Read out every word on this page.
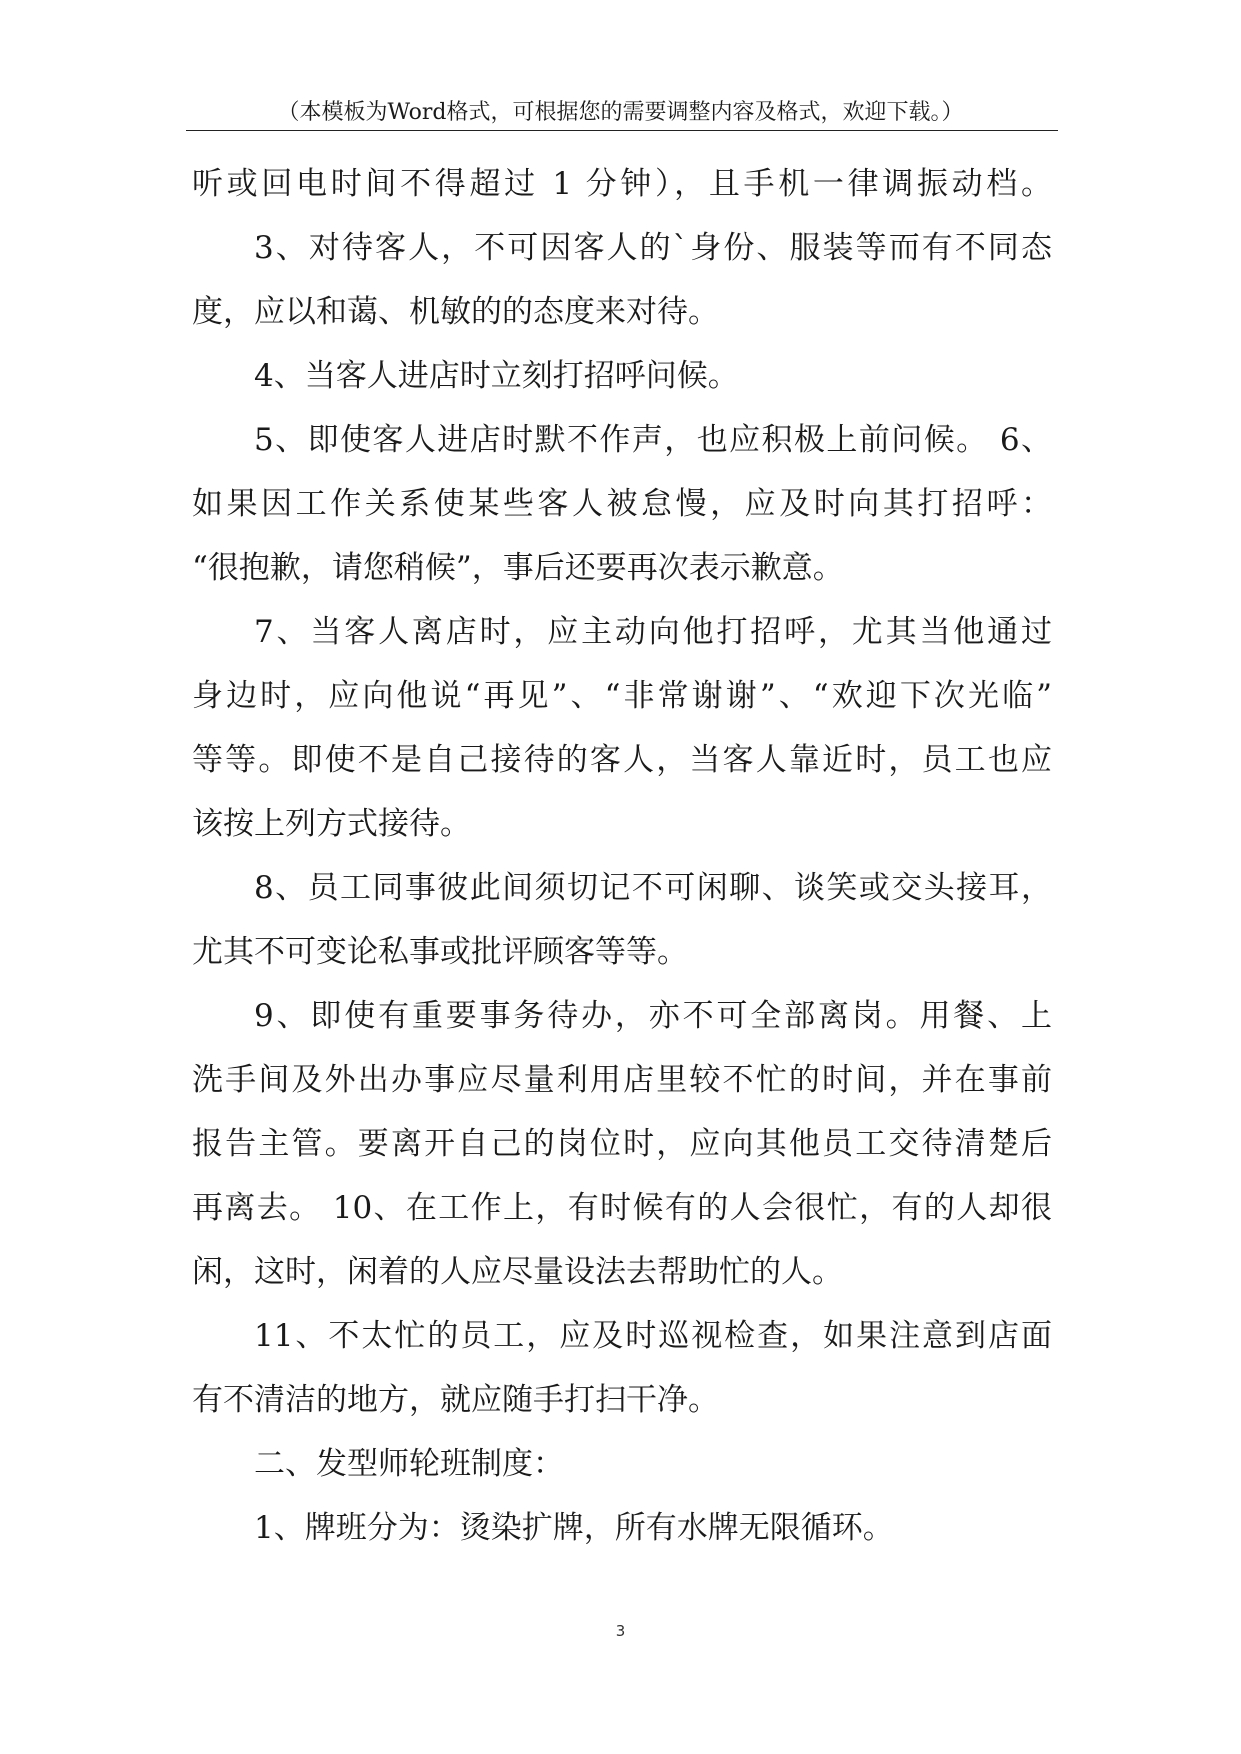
（本模板为Word格式，可根据您的需要调整内容及格式，欢迎下载。）
听或回电时间不得超过 1 分钟），且手机一律调振动档。
3、对待客人，不可因客人的`身份、服装等而有不同态
度，应以和蔼、机敏的的态度来对待。
4、当客人进店时立刻打招呼问候。
5、即使客人进店时默不作声，也应积极上前问候。 6、
如果因工作关系使某些客人被怠慢，应及时向其打招呼：
“很抱歉，请您稍候”，事后还要再次表示歉意。
7、当客人离店时，应主动向他打招呼，尤其当他通过
身边时，应向他说“再见”、“非常谢谢”、“欢迎下次光临”
等等。即使不是自己接待的客人，当客人靠近时，员工也应
该按上列方式接待。
8、员工同事彼此间须切记不可闲聊、谈笑或交头接耳，
尤其不可变论私事或批评顾客等等。
9、即使有重要事务待办，亦不可全部离岗。用餐、上
洗手间及外出办事应尽量利用店里较不忙的时间，并在事前
报告主管。要离开自己的岗位时，应向其他员工交待清楚后
再离去。 10、在工作上，有时候有的人会很忙，有的人却很
闲，这时，闲着的人应尽量设法去帮助忙的人。
11、不太忙的员工，应及时巡视检查，如果注意到店面
有不清洁的地方，就应随手打扫干净。
二、发型师轮班制度：
1、牌班分为：烫染扩牌，所有水牌无限循环。
3
